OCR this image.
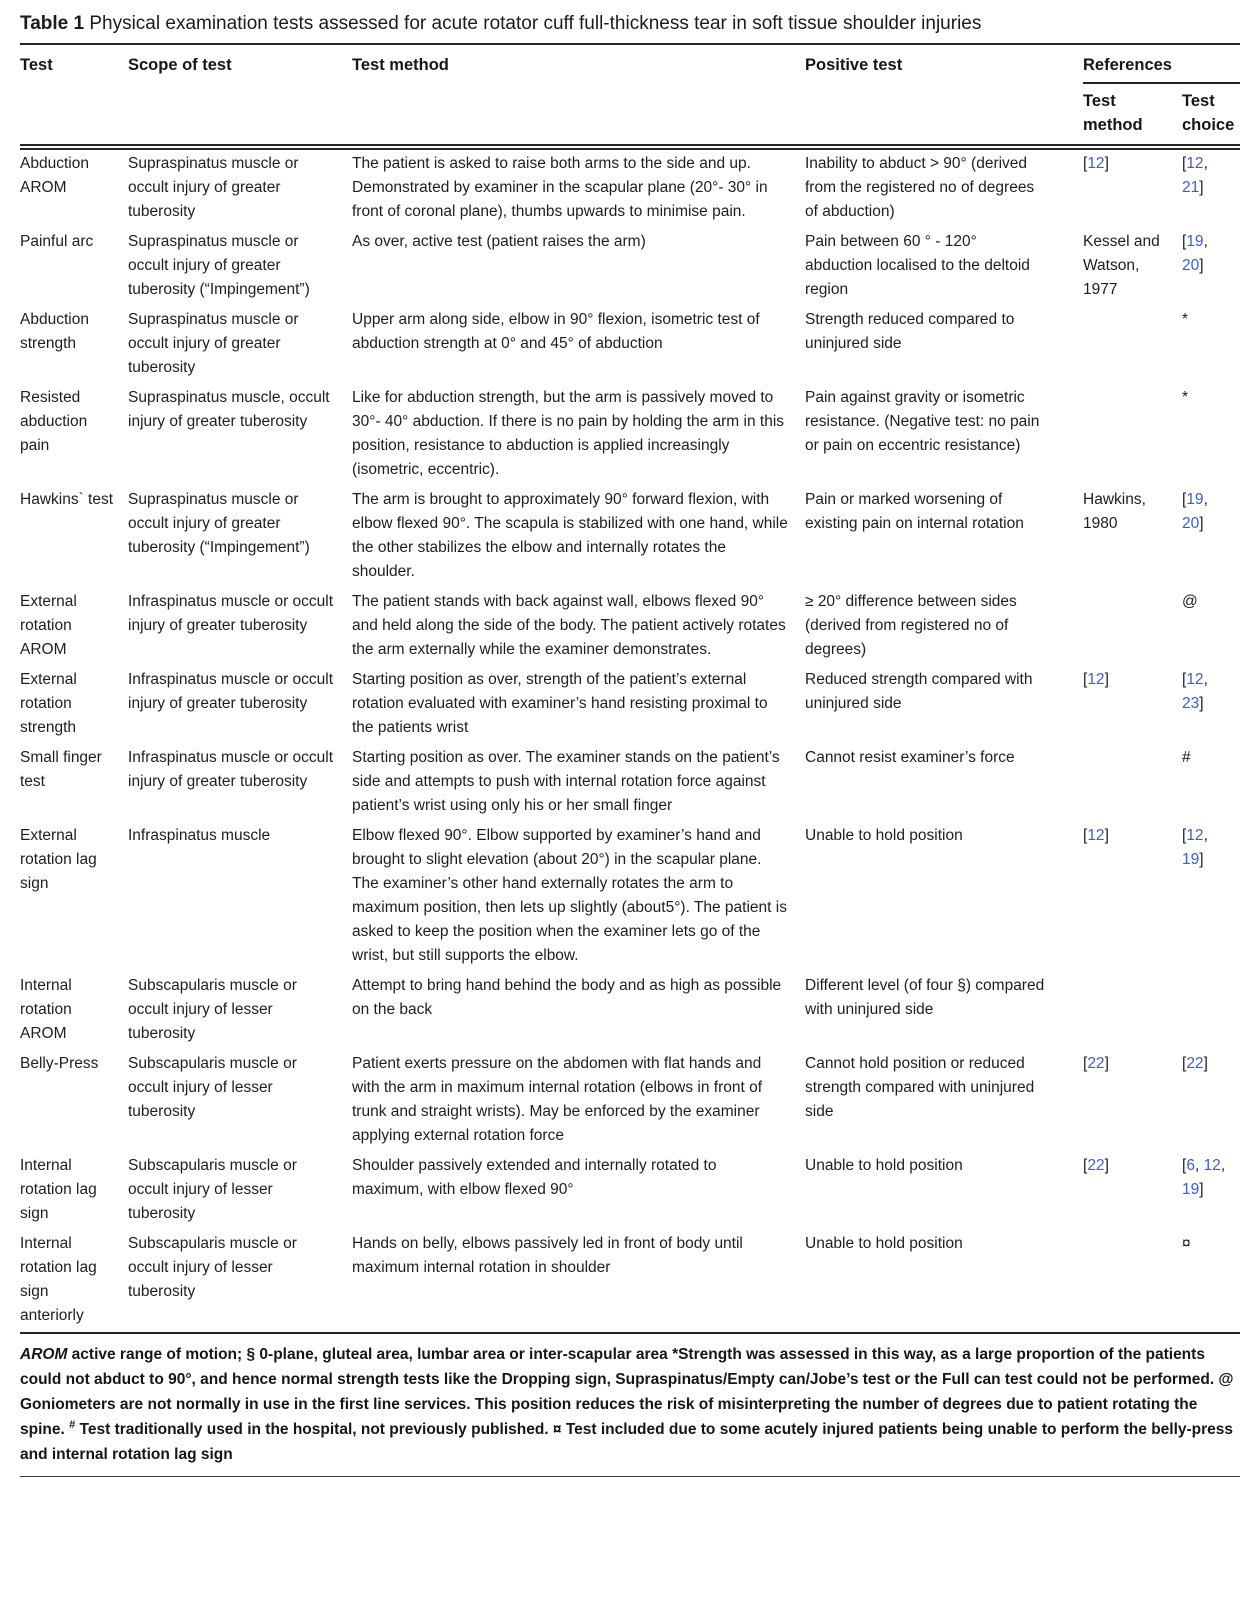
Table 1 Physical examination tests assessed for acute rotator cuff full-thickness tear in soft tissue shoulder injuries
Test	Scope of test	Test method	Positive test	References	
				Test method	Test choice
Abduction AROM	Supraspinatus muscle or occult injury of greater tuberosity	The patient is asked to raise both arms to the side and up. Demonstrated by examiner in the scapular plane (20°- 30° in front of coronal plane), thumbs upwards to minimise pain.	Inability to abduct > 90° (derived from the registered no of degrees of abduction)	[12]	[12, 21]
Painful arc	Supraspinatus muscle or occult injury of greater tuberosity (“Impingement”)	As over, active test (patient raises the arm)	Pain between 60 ° - 120° abduction localised to the deltoid region	Kessel and Watson, 1977	[19, 20]
Abduction strength	Supraspinatus muscle or occult injury of greater tuberosity	Upper arm along side, elbow in 90° flexion, isometric test of abduction strength at 0° and 45° of abduction	Strength reduced compared to uninjured side		*
Resisted abduction pain	Supraspinatus muscle, occult injury of greater tuberosity	Like for abduction strength, but the arm is passively moved to 30°- 40° abduction. If there is no pain by holding the arm in this position, resistance to abduction is applied increasingly (isometric, eccentric).	Pain against gravity or isometric resistance. (Negative test: no pain or pain on eccentric resistance)		*
Hawkins` test	Supraspinatus muscle or occult injury of greater tuberosity (“Impingement”)	The arm is brought to approximately 90° forward flexion, with elbow flexed 90°. The scapula is stabilized with one hand, while the other stabilizes the elbow and internally rotates the shoulder.	Pain or marked worsening of existing pain on internal rotation	Hawkins, 1980	[19, 20]
External rotation AROM	Infraspinatus muscle or occult injury of greater tuberosity	The patient stands with back against wall, elbows flexed 90° and held along the side of the body. The patient actively rotates the arm externally while the examiner demonstrates.	≥ 20° difference between sides (derived from registered no of degrees)		@
External rotation strength	Infraspinatus muscle or occult injury of greater tuberosity	Starting position as over, strength of the patient’s external rotation evaluated with examiner’s hand resisting proximal to the patients wrist	Reduced strength compared with uninjured side	[12]	[12, 23]
Small finger test	Infraspinatus muscle or occult injury of greater tuberosity	Starting position as over. The examiner stands on the patient’s side and attempts to push with internal rotation force against patient’s wrist using only his or her small finger	Cannot resist examiner’s force		#
External rotation lag sign	Infraspinatus muscle	Elbow flexed 90°. Elbow supported by examiner’s hand and brought to slight elevation (about 20°) in the scapular plane. The examiner’s other hand externally rotates the arm to maximum position, then lets up slightly (about5°). The patient is asked to keep the position when the examiner lets go of the wrist, but still supports the elbow.	Unable to hold position	[12]	[12, 19]
Internal rotation AROM	Subscapularis muscle or occult injury of lesser tuberosity	Attempt to bring hand behind the body and as high as possible on the back	Different level (of four §) compared with uninjured side		
Belly-Press	Subscapularis muscle or occult injury of lesser tuberosity	Patient exerts pressure on the abdomen with flat hands and with the arm in maximum internal rotation (elbows in front of trunk and straight wrists). May be enforced by the examiner applying external rotation force	Cannot hold position or reduced strength compared with uninjured side	[22]	[22]
Internal rotation lag sign	Subscapularis muscle or occult injury of lesser tuberosity	Shoulder passively extended and internally rotated to maximum, with elbow flexed 90°	Unable to hold position	[22]	[6, 12, 19]
Internal rotation lag sign anteriorly	Subscapularis muscle or occult injury of lesser tuberosity	Hands on belly, elbows passively led in front of body until maximum internal rotation in shoulder	Unable to hold position		¤
AROM active range of motion; § 0-plane, gluteal area, lumbar area or inter-scapular area *Strength was assessed in this way, as a large proportion of the patients could not abduct to 90°, and hence normal strength tests like the Dropping sign, Supraspinatus/Empty can/Jobe’s test or the Full can test could not be performed. @ Goniometers are not normally in use in the first line services. This position reduces the risk of misinterpreting the number of degrees due to patient rotating the spine. # Test traditionally used in the hospital, not previously published. ¤ Test included due to some acutely injured patients being unable to perform the belly-press and internal rotation lag sign
